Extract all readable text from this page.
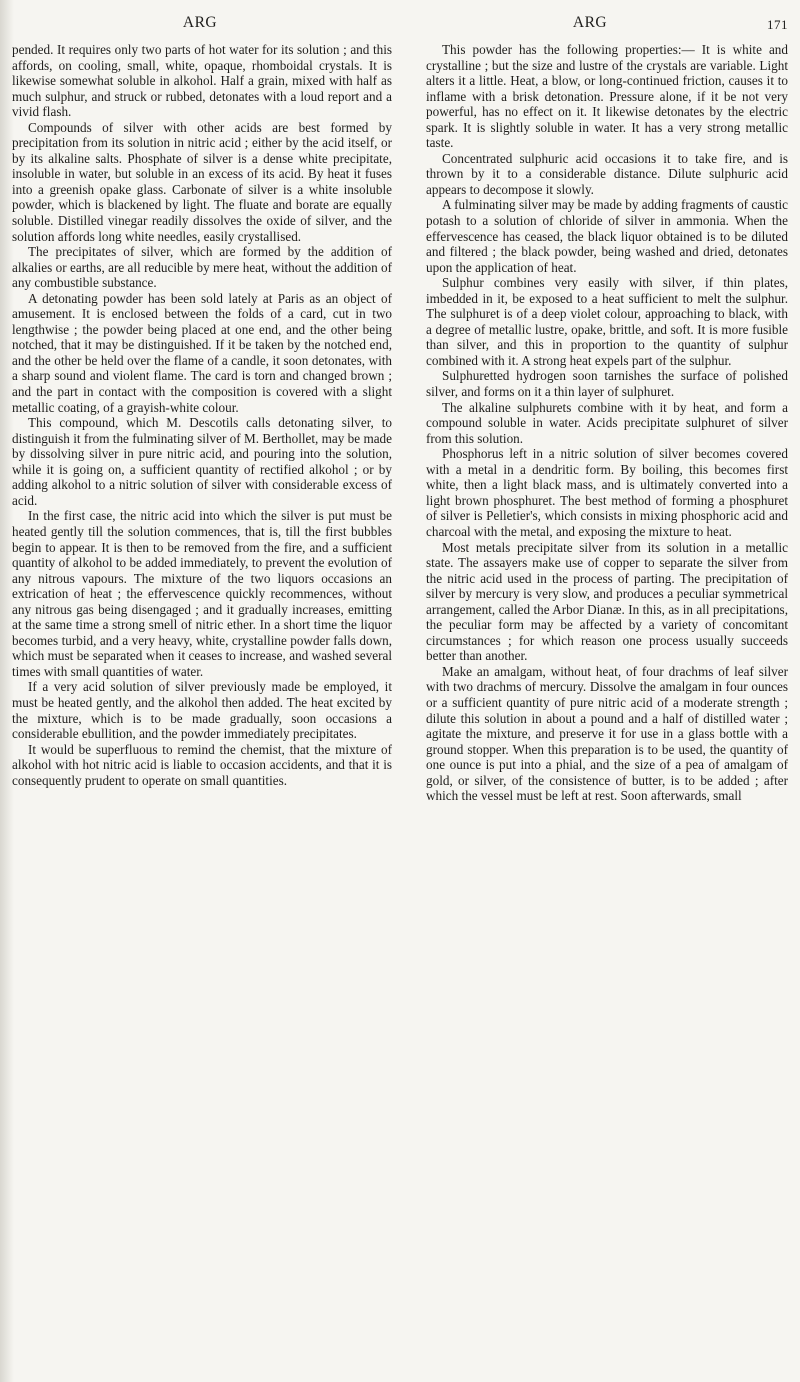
ARG	ARG	171

pended. It requires only two parts of hot water for its solution ; and this affords, on cooling, small, white, opaque, rhomboidal crystals. It is likewise somewhat soluble in alkohol. Half a grain, mixed with half as much sulphur, and struck or rubbed, detonates with a loud report and a vivid flash.

Compounds of silver with other acids are best formed by precipitation from its solution in nitric acid ; either by the acid itself, or by its alkaline salts. Phosphate of silver is a dense white precipitate, insoluble in water, but soluble in an excess of its acid. By heat it fuses into a greenish opake glass. Carbonate of silver is a white insoluble powder, which is blackened by light. The fluate and borate are equally soluble. Distilled vinegar readily dissolves the oxide of silver, and the solution affords long white needles, easily crystallised.

The precipitates of silver, which are formed by the addition of alkalies or earths, are all reducible by mere heat, without the addition of any combustible substance.

A detonating powder has been sold lately at Paris as an object of amusement. It is enclosed between the folds of a card, cut in two lengthwise ; the powder being placed at one end, and the other being notched, that it may be distinguished. If it be taken by the notched end, and the other be held over the flame of a candle, it soon detonates, with a sharp sound and violent flame. The card is torn and changed brown ; and the part in contact with the composition is covered with a slight metallic coating, of a grayish-white colour.

This compound, which M. Descotils calls detonating silver, to distinguish it from the fulminating silver of M. Berthollet, may be made by dissolving silver in pure nitric acid, and pouring into the solution, while it is going on, a sufficient quantity of rectified alkohol ; or by adding alkohol to a nitric solution of silver with considerable excess of acid.

In the first case, the nitric acid into which the silver is put must be heated gently till the solution commences, that is, till the first bubbles begin to appear. It is then to be removed from the fire, and a sufficient quantity of alkohol to be added immediately, to prevent the evolution of any nitrous vapours. The mixture of the two liquors occasions an extrication of heat ; the effervescence quickly recommences, without any nitrous gas being disengaged ; and it gradually increases, emitting at the same time a strong smell of nitric ether. In a short time the liquor becomes turbid, and a very heavy, white, crystalline powder falls down, which must be separated when it ceases to increase, and washed several times with small quantities of water.

If a very acid solution of silver previously made be employed, it must be heated gently, and the alkohol then added. The heat excited by the mixture, which is to be made gradually, soon occasions a considerable ebullition, and the powder immediately precipitates.

It would be superfluous to remind the chemist, that the mixture of alkohol with hot nitric acid is liable to occasion accidents, and that it is consequently prudent to operate on small quantities.

This powder has the following properties:— It is white and crystalline ; but the size and lustre of the crystals are variable. Light alters it a little. Heat, a blow, or long-continued friction, causes it to inflame with a brisk detonation. Pressure alone, if it be not very powerful, has no effect on it. It likewise detonates by the electric spark. It is slightly soluble in water. It has a very strong metallic taste.

Concentrated sulphuric acid occasions it to take fire, and is thrown by it to a considerable distance. Dilute sulphuric acid appears to decompose it slowly.

A fulminating silver may be made by adding fragments of caustic potash to a solution of chloride of silver in ammonia. When the effervescence has ceased, the black liquor obtained is to be diluted and filtered ; the black powder, being washed and dried, detonates upon the application of heat.

Sulphur combines very easily with silver, if thin plates, imbedded in it, be exposed to a heat sufficient to melt the sulphur. The sulphuret is of a deep violet colour, approaching to black, with a degree of metallic lustre, opake, brittle, and soft. It is more fusible than silver, and this in proportion to the quantity of sulphur combined with it. A strong heat expels part of the sulphur.

Sulphuretted hydrogen soon tarnishes the surface of polished silver, and forms on it a thin layer of sulphuret.

The alkaline sulphurets combine with it by heat, and form a compound soluble in water. Acids precipitate sulphuret of silver from this solution.

Phosphorus left in a nitric solution of silver becomes covered with a metal in a dendritic form. By boiling, this becomes first white, then a light black mass, and is ultimately converted into a light brown phosphuret. The best method of forming a phosphuret of silver is Pelletier's, which consists in mixing phosphoric acid and charcoal with the metal, and exposing the mixture to heat.

Most metals precipitate silver from its solution in a metallic state. The assayers make use of copper to separate the silver from the nitric acid used in the process of parting. The precipitation of silver by mercury is very slow, and produces a peculiar symmetrical arrangement, called the Arbor Dianæ. In this, as in all precipitations, the peculiar form may be affected by a variety of concomitant circumstances ; for which reason one process usually succeeds better than another.

Make an amalgam, without heat, of four drachms of leaf silver with two drachms of mercury. Dissolve the amalgam in four ounces or a sufficient quantity of pure nitric acid of a moderate strength ; dilute this solution in about a pound and a half of distilled water ; agitate the mixture, and preserve it for use in a glass bottle with a ground stopper. When this preparation is to be used, the quantity of one ounce is put into a phial, and the size of a pea of amalgam of gold, or silver, of the consistence of butter, is to be added ; after which the vessel must be left at rest. Soon afterwards, small
